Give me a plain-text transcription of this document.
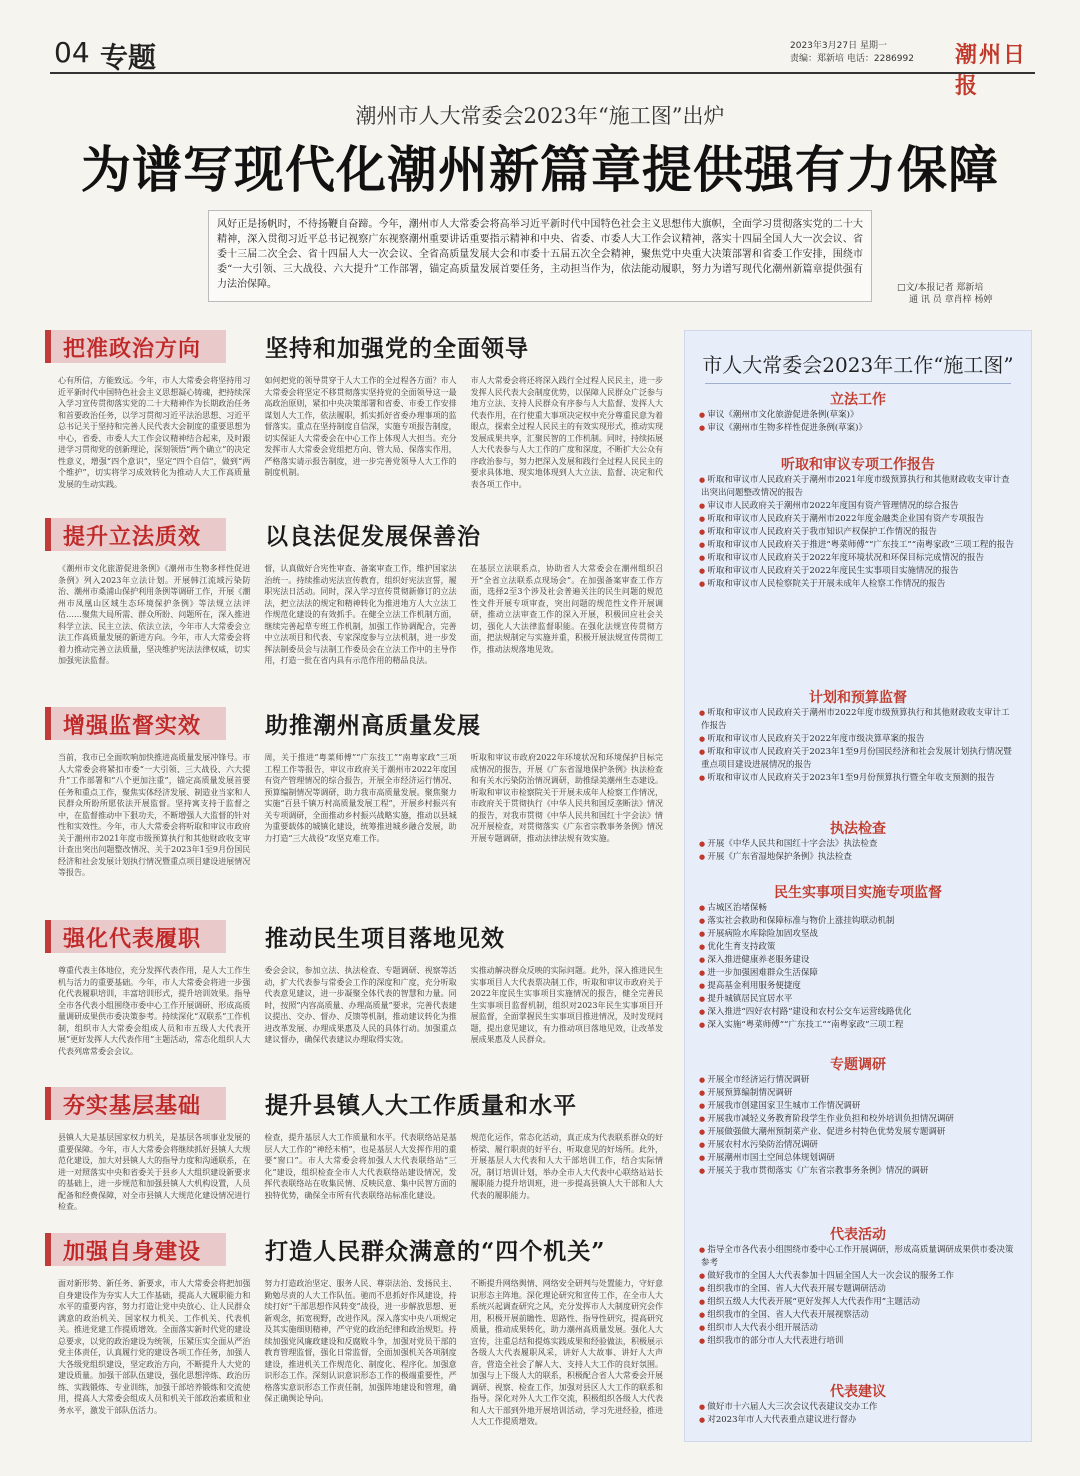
04 专题	2023年3月27日 星期一
责编：郑新培 电话：2286992 潮州日报
潮州市人大常委会2023年“施工图”出炉
为谱写现代化潮州新篇章提供强有力保障
风好正是扬帆时，不待扬鞭自奋蹄。今年，潮州市人大常委会将高举习近平新时代中国特色社会主义思想伟大旗帜，全面学习贯彻落实党的二十大精神，深入贯彻习近平总书记视察广东视察潮州重要讲话重要指示精神和中央、省委、市委人大工作会议精神，落实十四届全国人大一次会议、省委十三届二次全会、省十四届人大一次会议、全省高质量发展大会和市委十五届五次全会精神，聚焦党中央重大决策部署和省委工作安排，围绕市委“一大引领、三大战役、六大提升”工作部署，锚定高质量发展首要任务，主动担当作为，依法能动履职，努力为谱写现代化潮州新篇章提供强有力法治保障。	□文/本报记者 郑新培
通 讯 员 章肖梓 杨婷
把准政治方向	坚持和加强党的全面领导
心有所信，方能致远。今年，市人大常委会将坚持用习近平新时代中国特色社会主义思想凝心铸魂，把持续深入学习宣传贯彻落实党的二十大精神作为长期政治任务和首要政治任务，以学习贯彻习近平法治思想、习近平总书记关于坚持和完善人民代表大会制度的重要思想为中心，省委、市委人大工作会议精神结合起来，及时跟进学习贯彻党的创新理论，深刻领悟“两个确立”的决定性意义，增强“四个意识”，坚定“四个自信”，做到“两个维护”，切实将学习成效转化为推动人大工作高质量发展的生动实践。
如何把党的领导贯穿于人大工作的全过程各方面？市人大常委会将坚定不移贯彻落实坚持党的全面领导这一最高政治原则，紧扣中央决策部署和省委、市委工作安排谋划人大工作，依法履职，抓实抓好省委办理事项的监督落实。重点在坚持制度自信深，实施专项报告制度，切实保证人大常委会在中心工作上体现人大担当。充分发挥市人大常委会党组把方向、管大局、保落实作用，严格落实请示报告制度，进一步完善党领导人大工作的制度机制。
市人大常委会将还将深入践行全过程人民民主，进一步发挥人民代表大会制度优势，以保障人民群众广泛参与地方立法、支持人民群众有序参与人大监督、发挥人大代表作用，在行使重大事项决定权中充分尊重民意为着眼点，探索全过程人民民主的有效实现形式，推动实现发展成果共享，汇聚民智的工作机制。同时，持续拓展人大代表参与人大工作的广度和深度，不断扩大公众有序政治参与，努力把深入发展和践行全过程人民民主的要求具体地、现实地体现到人大立法、监督、决定和代表各项工作中。
提升立法质效	以良法促发展保善治
《潮州市文化旅游促进条例》《潮州市生物多样性促进条例》列入2023年立法计划。开展韩江流域污染防治、潮州市桑浦山保护利用条例等调研工作，开展《潮州市凤凰山区域生态环境保护条例》等法规立法评估……聚焦大局所需、群众所盼、问题所在，深入推进科学立法、民主立法、依法立法，今年市人大常委会立法工作高质量发展的新进方向。今年，市人大常委会将着力推动完善立法质量，坚决维护宪法法律权威，切实加强宪法监督。
督，认真做好合宪性审查、备案审查工作，维护国家法治统一。持续推动宪法宣传教育，组织好宪法宣誓，履职宪法日活动。同时，深入学习宣传贯彻新修订的立法法，把立法法的规定和精神转化为推进地方人大立法工作规范化建设的有效抓手。在健全立法工作机制方面，继续完善起草专班工作机制，加强工作协调配合，完善中立法项目和代表、专家深度参与立法机制，进一步发挥法制委员会与法制工作委员会在立法工作中的主导作用，打造一批在省内具有示范作用的精品良法。
在基层立法联系点，协助省人大常委会在潮州组织召开“全省立法联系点现场会”。在加强备案审查工作方面，选择2至3个涉及社会普遍关注的民生问题的规范性文件开展专项审查，突出问题的规范性文件开展调研，推动立法审查工作的深入开展，积极回应社会关切，强化人大法律监督职能。在强化法规宣传贯彻方面，把法规制定与实施并重，积极开展法规宣传贯彻工作，推动法规落地见效。
增强监督实效	助推潮州高质量发展
当前，我市已全面吹响加快推进高质量发展冲锋号。市人大常委会将紧扣市委“一大引领、三大战役、六大提升”工作部署和“八个更加注重”，锚定高质量发展首要任务和重点工作，聚焦实体经济发展、制造业当家和人民群众所盼所愿依法开展监督。坚持寓支持于监督之中，在监督推动中下狠功夫，不断增强人大监督的针对性和实效性。今年，市人大常委会将听取和审议市政府关于潮州市2021年度市级预算执行和其他财政收支审计查出突出问题整改情况、关于2023年1至9月份国民经济和社会发展计划执行情况暨重点项目建设进展情况等报告。
周，关于推进“粤菜师傅”“广东技工”“南粤家政”三项工程工作等报告，审议市政府关于潮州市2022年度国有资产管理情况的综合报告，开展全市经济运行情况、预算编制情况等调研，助力我市高质量发展。聚焦聚力实施“百县千镇万村高质量发展工程”，开展乡村振兴有关专项调研，全面推动乡村振兴战略实施，推动以县城为重要载体的城镇化建设，统筹推进城乡融合发展，助力打造“三大战役”攻坚克难工作。
听取和审议市政府2022年环境状况和环境保护目标完成情况的报告，开展《广东省湿地保护条例》执法检查和有关水污染防治情况调研，助推绿美潮州生态建设。听取和审议市检察院关于开展未成年人检察工作情况，市政府关于贯彻执行《中华人民共和国反垄断法》情况的报告，对我市贯彻《中华人民共和国红十字会法》情况开展检查，对贯彻落实《广东省宗教事务条例》情况开展专题调研，推动法律法规有效实施。
强化代表履职	推动民生项目落地见效
尊重代表主体地位，充分发挥代表作用，是人大工作生机与活力的重要基础。今年，市人大常委会将进一步强化代表履职培训，丰富培训形式，提升培训效果。指导全市各代表小组围绕市委中心工作开展调研、形成高质量调研成果供市委决策参考。持续深化“双联系”工作机制，组织市人大常委会组成人员和市五级人大代表开展“更好发挥人大代表作用”主题活动，常态化组织人大代表列席常委会会议。
委会会议，参加立法、执法检查、专题调研、视察等活动，扩大代表参与常委会工作的深度和广度，充分听取代表意见建议，进一步凝聚全体代表的智慧和力量。同时，按照“内容高质量、办理高质量”要求，完善代表建议提出、交办、督办、反馈等机制，推动建议转化为推进改革发展、办理成果惠及人民的具体行动。加强重点建议督办，确保代表建议办理取得实效。
实推动解决群众反映的实际问题。此外，深入推进民生实事项目人大代表票决制工作，听取和审议市政府关于2022年度民生实事项目实施情况的报告，健全完善民生实事项目监督机制，组织对2023年民生实事项目开展监督，全面掌握民生实事项目推进情况，及时发现问题，提出意见建议，有力推动项目落地见效，让改革发展成果惠及人民群众。
夯实基层基础	提升县镇人大工作质量和水平
县镇人大是基层国家权力机关，是基层各项事业发展的重要保障。今年，市人大常委会将继续抓好县镇人大规范化建设，加大对县镇人大的指导力度和沟通联系，在进一对照落实中央和省委关于县乡人大组织建设新要求的基础上，进一步规范和加强县镇人大机构设置，人员配备和经费保障，对全市县镇人大规范化建设情况进行检查。
检查，提升基层人大工作质量和水平。代表联络站是基层人大工作的“神经末梢”，也是基层人大发挥作用的重要“窗口”。市人大常委会将加强人大代表联络站“三化”建设，组织检查全市人大代表联络站建设情况，发挥代表联络站在收集民情、反映民意、集中民智方面的独特优势，确保全市所有代表联络站标准化建设。
规范化运作，常态化活动，真正成为代表联系群众的好桥梁、履行职责的好平台、听取意见的好场所。此外，开展基层人大代表和人大干部培训工作，结合实际情况，制订培训计划，举办全市人大代表中心联络站站长履职能力提升培训班，进一步提高县镇人大干部和人大代表的履职能力。
加强自身建设	打造人民群众满意的“四个机关”
面对新形势、新任务、新要求，市人大常委会将把加强自身建设作为夯实人大工作基础，提高人大履职能力和水平的重要内容，努力打造让党中央放心、让人民群众满意的政治机关、国家权力机关、工作机关、代表机关。推进党建工作提质增效。全面落实新时代党的建设总要求，以党的政治建设为统领，压紧压实全面从严治党主体责任，认真履行党的建设各项工作任务，加强人大各级党组织建设，坚定政治方向，不断提升人大党的建设质量。加强干部队伍建设，强化思想淬炼、政治历练、实践锻炼、专业训练，加强干部培养锻炼和交流使用，提高人大常委会组成人员和机关干部政治素质和业务水平，激发干部队伍活力。
努力打造政治坚定、服务人民、尊崇法治、发扬民主、勤勉尽责的人大工作队伍。驰而不息抓好作风建设，持续打好“干部思想作风转变”战役，进一步解放思想、更新观念，拓宽视野，改进作风。深入落实中央八项规定及其实施细则精神，严守党的政治纪律和政治规矩。持续加强党风廉政建设和反腐败斗争，加强对党员干部的教育管理监督，强化日常监督，全面加强机关各项制度建设，推进机关工作规范化、制度化、程序化。加强意识形态工作。深刻认识意识形态工作的极端重要性，严格落实意识形态工作责任制，加强阵地建设和管理，确保正确舆论导向。
不断提升网络舆情、网络安全研判与处置能力，守好意识形态主阵地。深化理论研究和宣传工作，在全市人大系统兴起调查研究之风，充分发挥市人大制度研究会作用，积极开展前瞻性、思路性、指导性研究，提高研究质量，推动成果转化，助力潮州高质量发展。强化人大宣传，注重总结和提炼实践成果和经验做法，积极展示各级人大代表履职风采，讲好人大故事、讲好人大声音，营造全社会了解人大、支持人大工作的良好氛围。加强与上下级人大的联系，积极配合省人大常委会开展调研、视察、检查工作，加强对县区人大工作的联系和指导。深化对外人大工作交流，积极组织各级人大代表和人大干部到外地开展培训活动，学习先进经验，推进人大工作提质增效。
市人大常委会2023年工作“施工图”
立法工作
● 审议《潮州市文化旅游促进条例(草案)》
● 审议《潮州市生物多样性促进条例(草案)》
听取和审议专项工作报告
● 听取和审议市人民政府关于潮州市2021年度市级预算执行和其他财政收支审计查出突出问题整改情况的报告
● 审议市人民政府关于潮州市2022年度国有资产管理情况的综合报告
● 听取和审议市人民政府关于潮州市2022年度金融类企业国有资产专项报告
● 听取和审议市人民政府关于我市知识产权保护工作情况的报告
● 听取和审议市人民政府关于推进“粤菜师傅”“广东技工”“南粤家政”三项工程的报告
● 听取和审议市人民政府关于2022年度环境状况和环保目标完成情况的报告
● 听取和审议市人民政府关于2022年度民生实事项目实施情况的报告
● 听取和审议市人民检察院关于开展未成年人检察工作情况的报告
计划和预算监督
● 听取和审议市人民政府关于潮州市2022年度市级预算执行和其他财政收支审计工作报告
● 听取和审议市人民政府关于2022年度市级决算草案的报告
● 听取和审议市人民政府关于2023年1至9月份国民经济和社会发展计划执行情况暨重点项目建设进展情况的报告
● 听取和审议市人民政府关于2023年1至9月份预算执行暨全年收支预测的报告
执法检查
● 开展《中华人民共和国红十字会法》执法检查
● 开展《广东省湿地保护条例》执法检查
民生实事项目实施专项监督
● 古城区治堵保畅
● 落实社会救助和保障标准与物价上涨挂钩联动机制
● 开展病险水库除险加固攻坚战
● 优化生育支持政策
● 深入推进健康养老服务建设
● 进一步加强困难群众生活保障
● 提高基金利用服务便捷度
● 提升城镇居民宜居水平
● 深入推进“四好农村路”建设和农村公交车运营线路优化
● 深入实施“粤菜师傅”“广东技工”“南粤家政”三项工程
专题调研
● 开展全市经济运行情况调研
● 开展预算编制情况调研
● 开展我市创建国家卫生城市工作情况调研
● 开展我市减轻义务教育阶段学生作业负担和校外培训负担情况调研
● 开展做强做大潮州预制菜产业、促进乡村特色优势发展专题调研
● 开展农村水污染防治情况调研
● 开展潮州市国土空间总体规划调研
● 开展关于我市贯彻落实《广东省宗教事务条例》情况的调研
代表活动
● 指导全市各代表小组围绕市委中心工作开展调研，形成高质量调研成果供市委决策参考
● 做好我市的全国人大代表参加十四届全国人大一次会议的服务工作
● 组织我市的全国、省人大代表开展专题调研活动
● 组织五级人大代表开展“更好发挥人大代表作用”主题活动
● 组织我市的全国、省人大代表开展视察活动
● 组织市人大代表小组开展活动
● 组织我市的部分市人大代表进行培训
代表建议
● 做好市十六届人大三次会议代表建议交办工作
● 对2023年市人大代表重点建议进行督办
